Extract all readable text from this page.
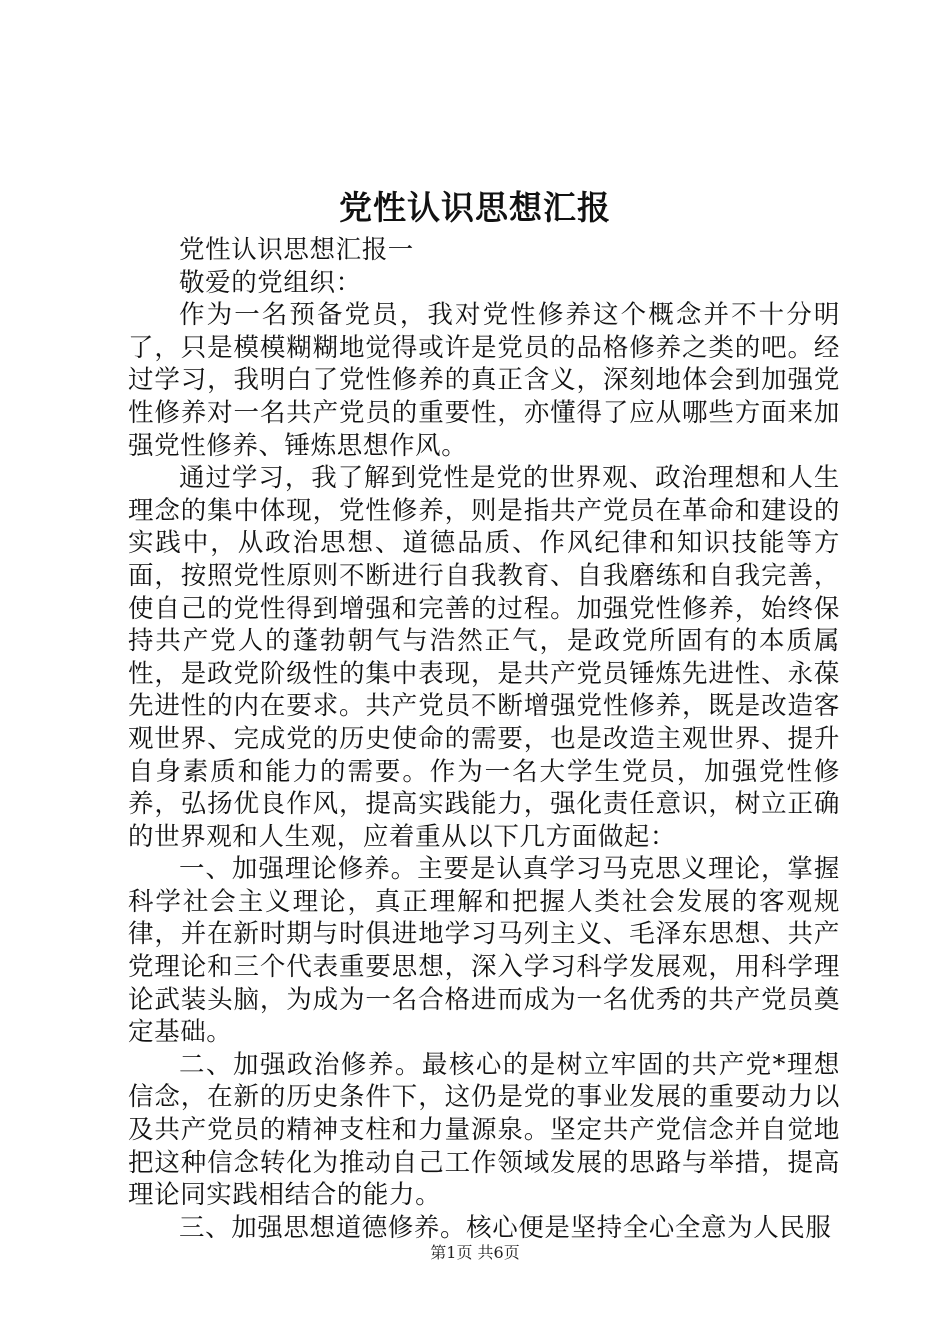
党性认识思想汇报

党性认识思想汇报一

敬爱的党组织：

作为一名预备党员，我对党性修养这个概念并不十分明了，只是模模糊糊地觉得或许是党员的品格修养之类的吧。经过学习，我明白了党性修养的真正含义，深刻地体会到加强党性修养对一名共产党员的重要性，亦懂得了应从哪些方面来加强党性修养、锤炼思想作风。

通过学习，我了解到党性是党的世界观、政治理想和人生理念的集中体现，党性修养，则是指共产党员在革命和建设的实践中，从政治思想、道德品质、作风纪律和知识技能等方面，按照党性原则不断进行自我教育、自我磨练和自我完善，使自己的党性得到增强和完善的过程。加强党性修养，始终保持共产党人的蓬勃朝气与浩然正气，是政党所固有的本质属性，是政党阶级性的集中表现，是共产党员锤炼先进性、永葆先进性的内在要求。共产党员不断增强党性修养，既是改造客观世界、完成党的历史使命的需要，也是改造主观世界、提升自身素质和能力的需要。作为一名大学生党员，加强党性修养，弘扬优良作风，提高实践能力，强化责任意识，树立正确的世界观和人生观，应着重从以下几方面做起：

一、加强理论修养。主要是认真学习马克思义理论，掌握科学社会主义理论，真正理解和把握人类社会发展的客观规律，并在新时期与时俱进地学习马列主义、毛泽东思想、共产党理论和三个代表重要思想，深入学习科学发展观，用科学理论武装头脑，为成为一名合格进而成为一名优秀的共产党员奠定基础。

二、加强政治修养。最核心的是树立牢固的共产党*理想信念，在新的历史条件下，这仍是党的事业发展的重要动力以及共产党员的精神支柱和力量源泉。坚定共产党信念并自觉地把这种信念转化为推动自己工作领域发展的思路与举措，提高理论同实践相结合的能力。

三、加强思想道德修养。核心便是坚持全心全意为人民服

第1页 共6页
